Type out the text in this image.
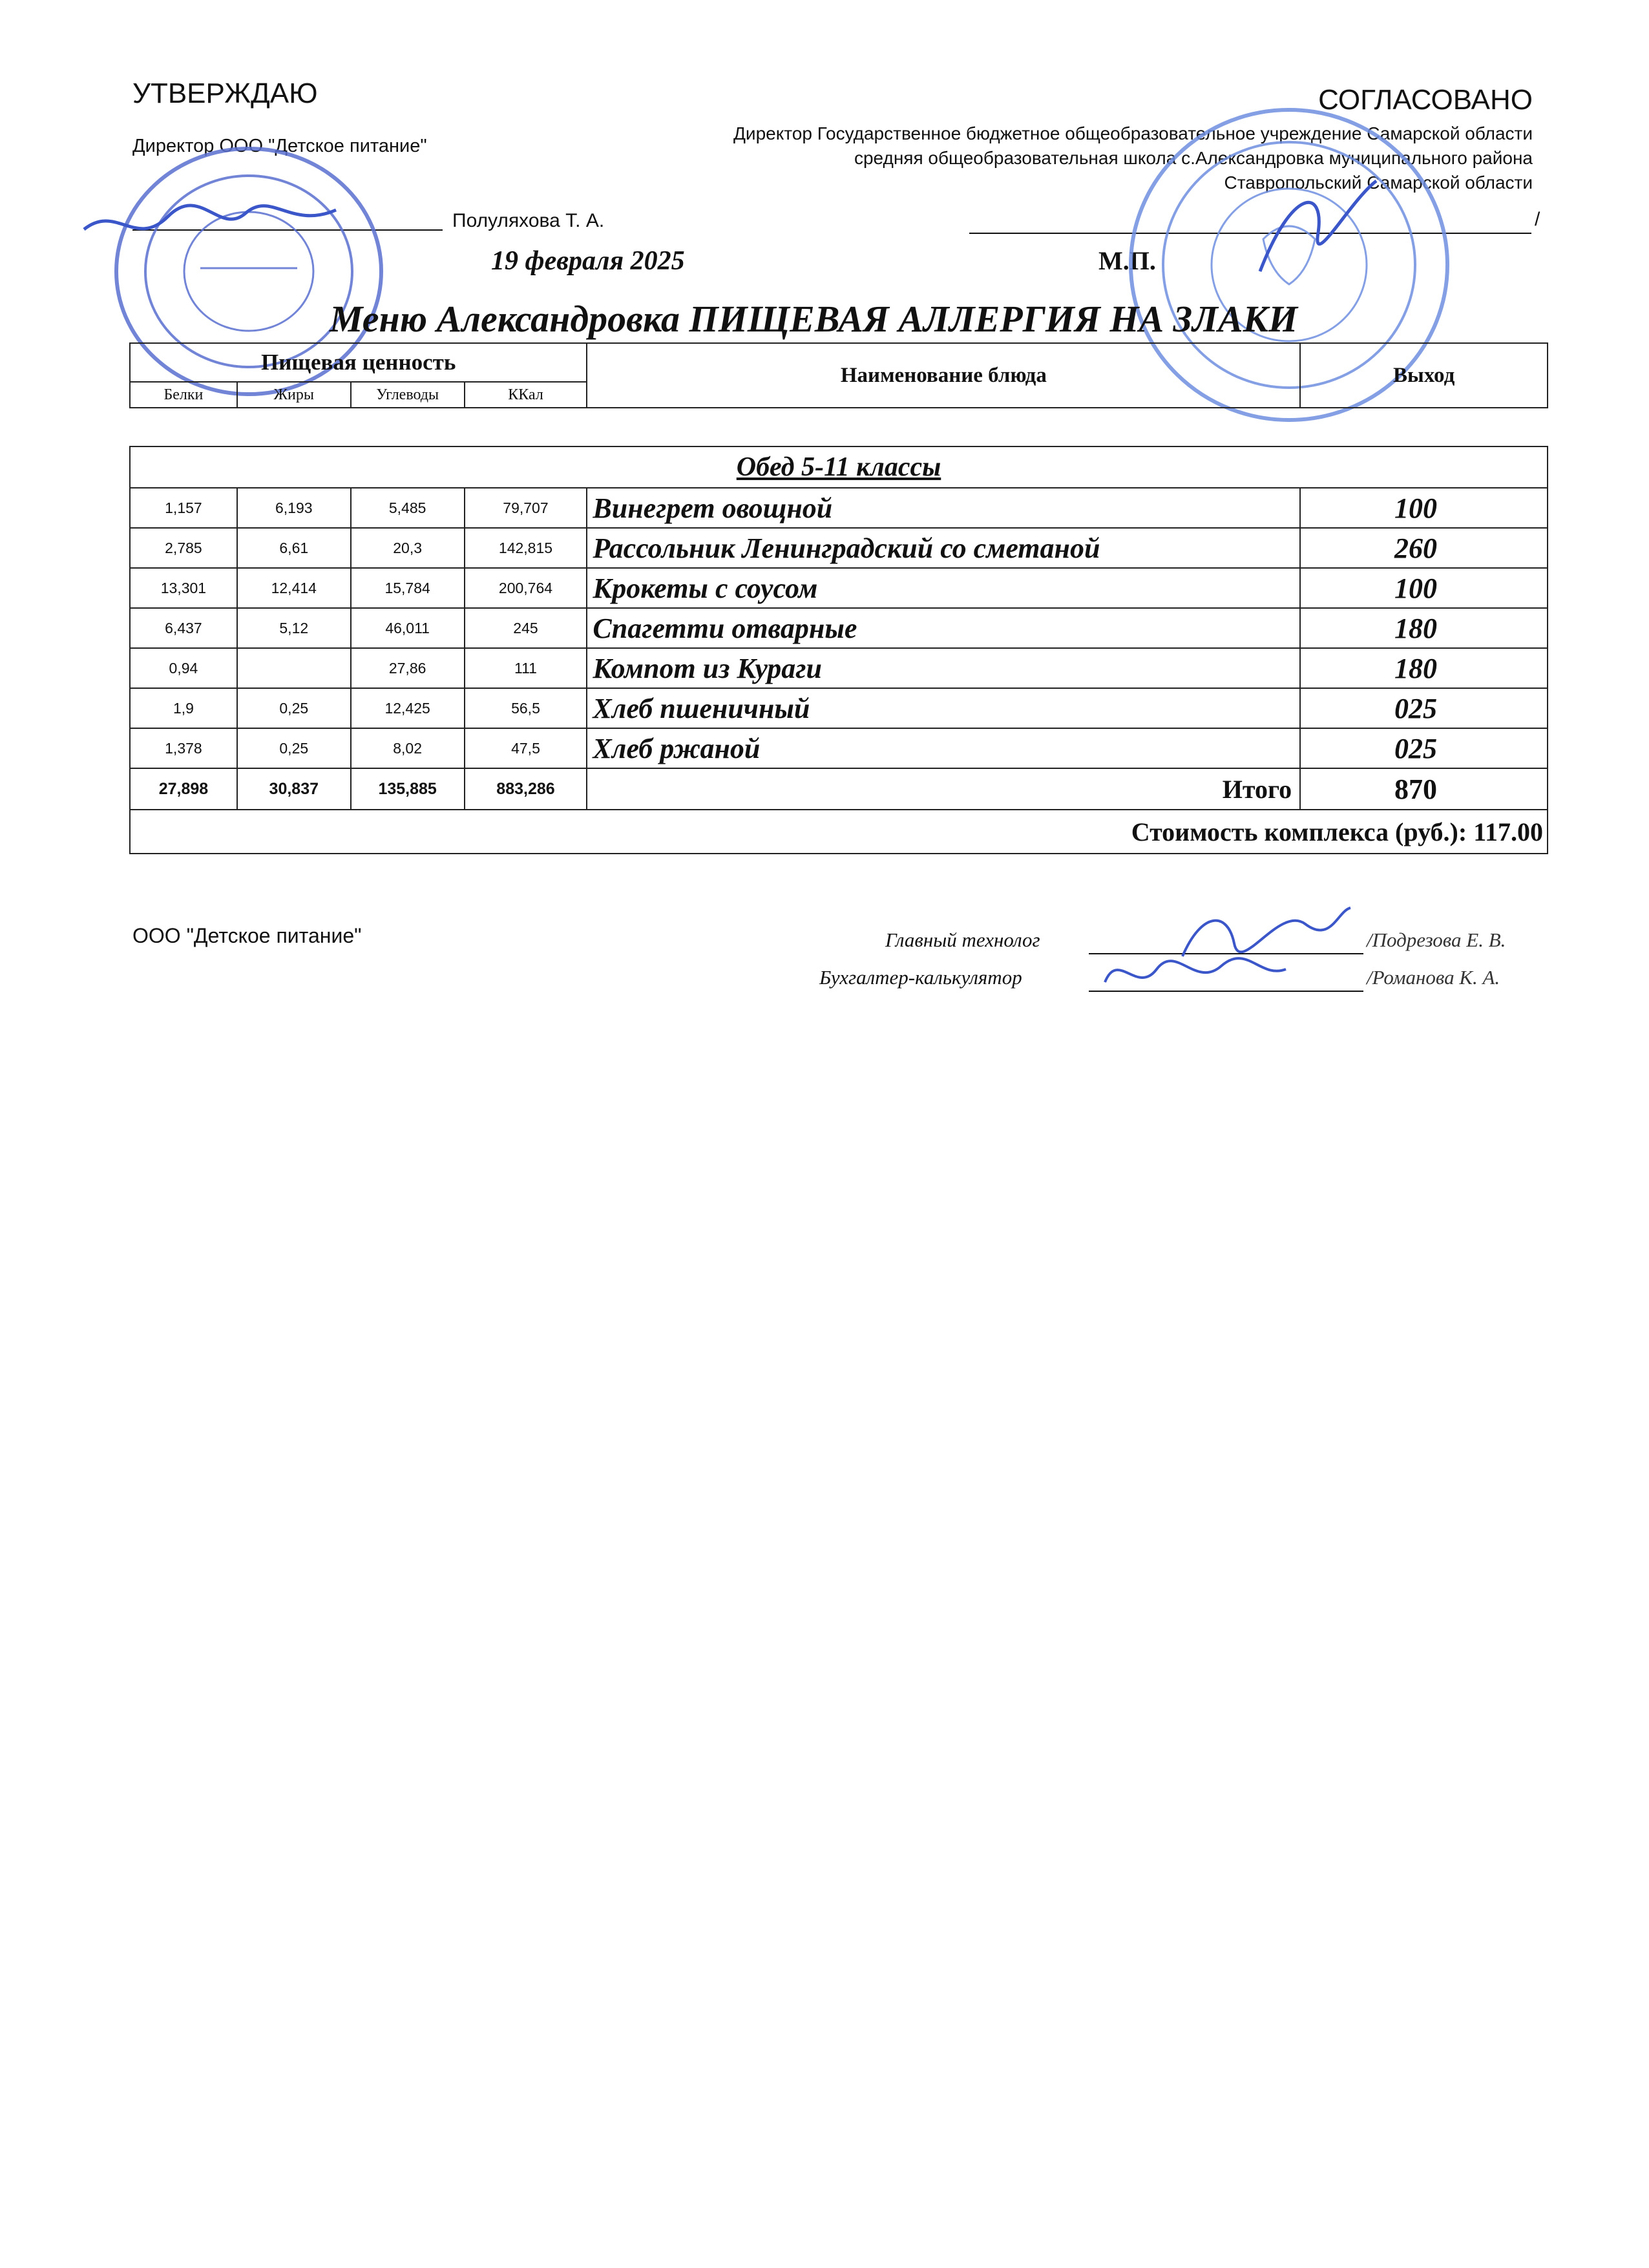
УТВЕРЖДАЮ
Директор ООО "Детское питание"
Полуляхова Т. А.
19 февраля 2025
СОГЛАСОВАНО
Директор Государственное бюджетное общеобразовательное учреждение Самарской области средняя общеобразовательная школа с.Александровка муниципального района Ставропольский Самарской области
/
М.П.
Меню Александровка ПИЩЕВАЯ АЛЛЕРГИЯ НА ЗЛАКИ
Пищевая ценность				Наименование блюда	Выход
Белки	Жиры	Углеводы	ККал		
Обед 5-11 классы					
1,157	6,193	5,485	79,707	Винегрет овощной	100
2,785	6,61	20,3	142,815	Рассольник Ленинградский со сметаной	260
13,301	12,414	15,784	200,764	Крокеты с соусом	100
6,437	5,12	46,011	245	Спагетти отварные	180
0,94		27,86	111	Компот из Кураги	180
1,9	0,25	12,425	56,5	Хлеб пшеничный	025
1,378	0,25	8,02	47,5	Хлеб ржаной	025
27,898	30,837	135,885	883,286	Итого	870
Стоимость комплекса (руб.): 117.00					
ООО "Детское питание"	Главный технолог	/Подрезова Е. В.
Бухгалтер-калькулятор	/Романова К. А.
